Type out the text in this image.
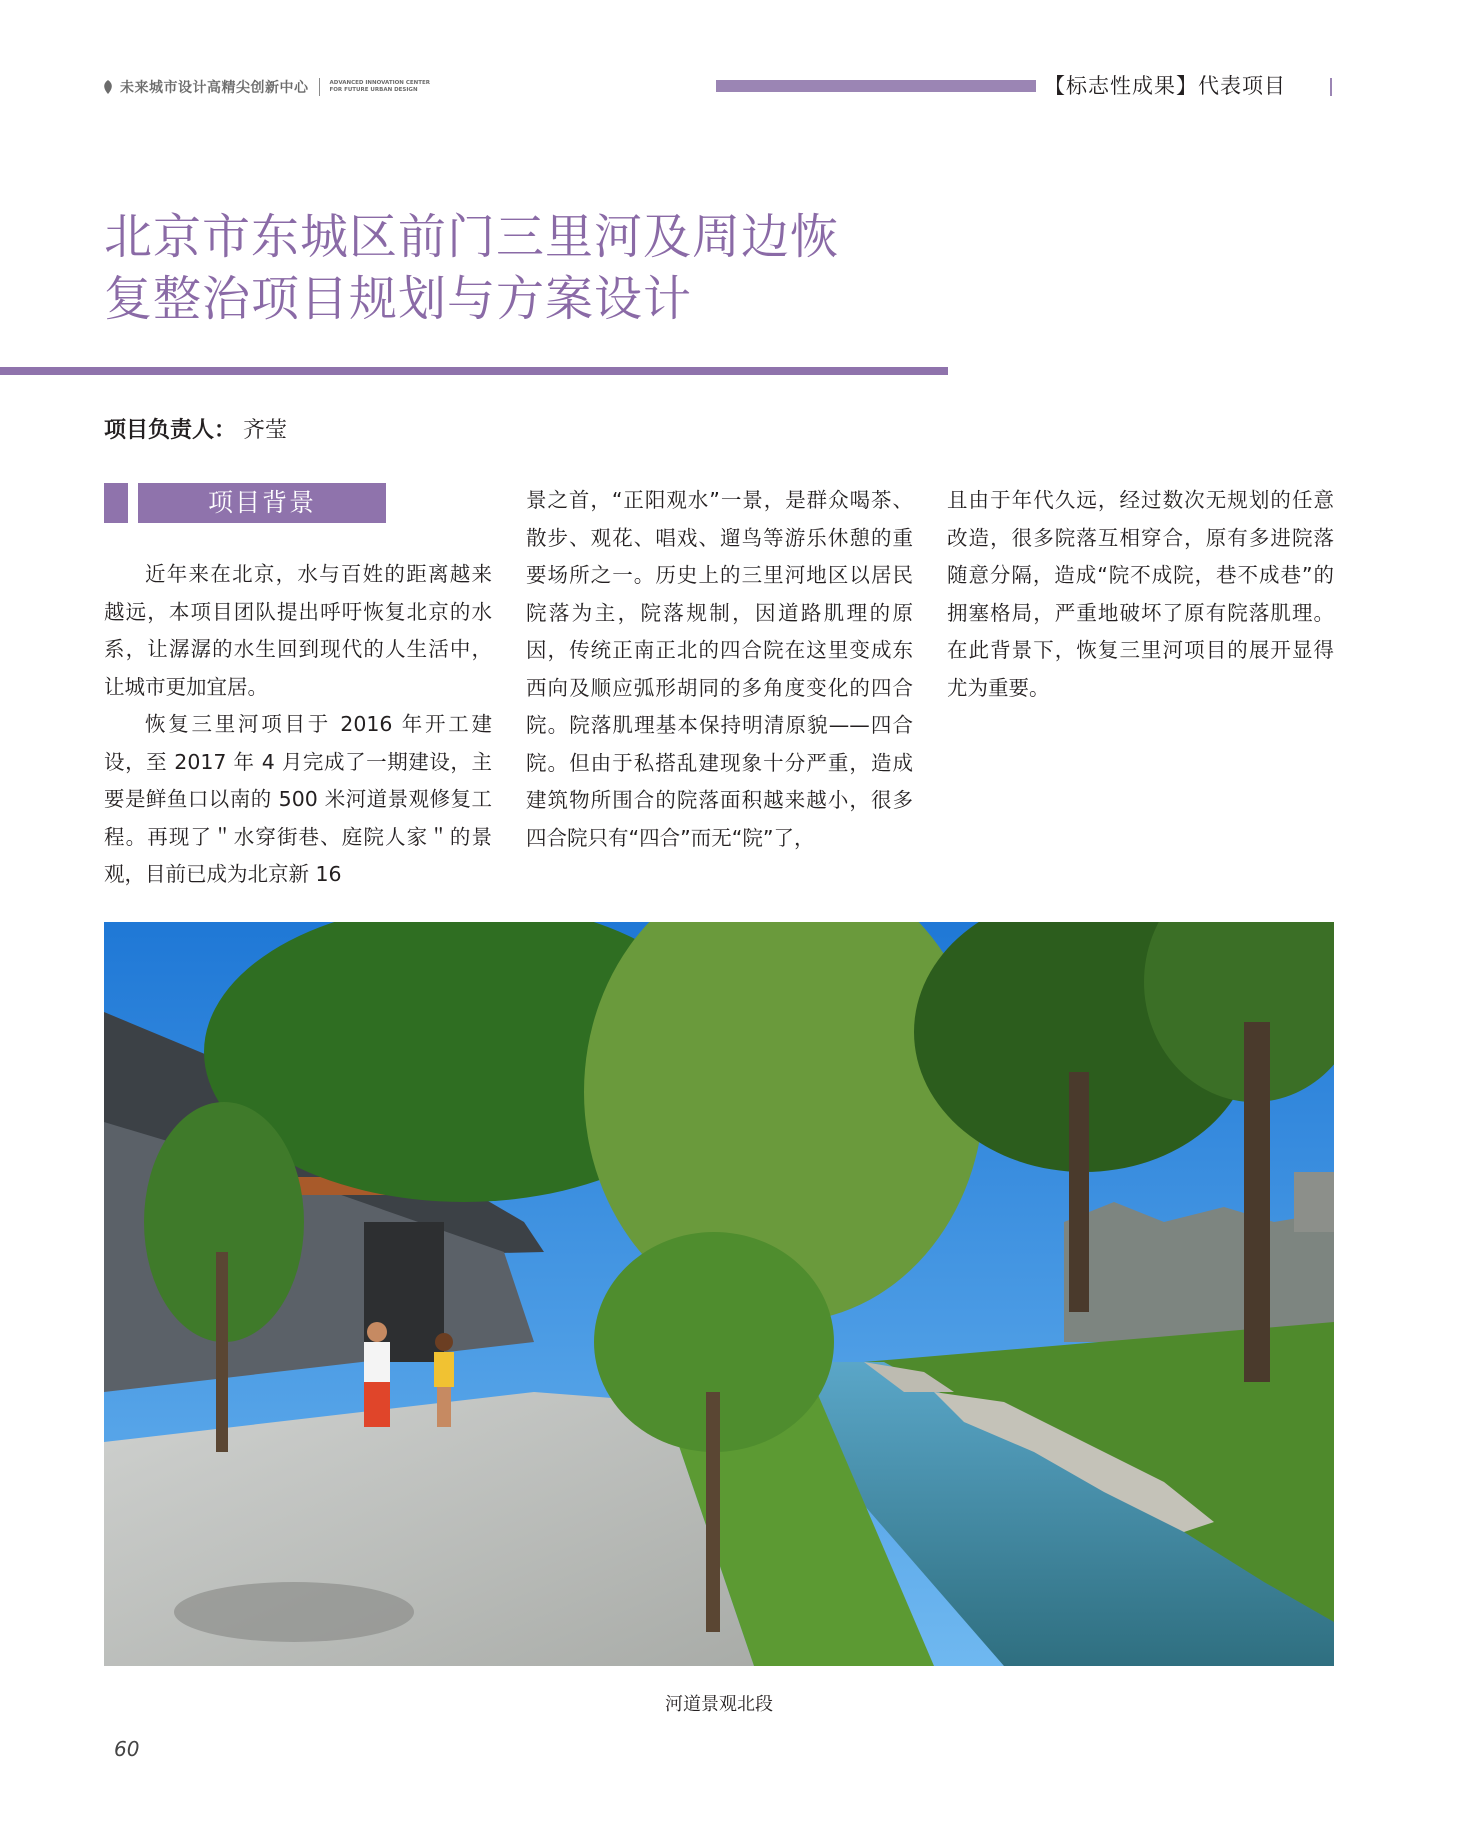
未来城市设计高精尖创新中心	ADVANCED INNOVATION CENTER
FOR FUTURE URBAN DESIGN	【标志性成果】代表项目
北京市东城区前门三里河及周边恢
复整治项目规划与方案设计
项目负责人： 齐莹
项目背景

近年来在北京，水与百姓的距离越来越远，本项目团队提出呼吁恢复北京的水系，让潺潺的水生回到现代的人生活中，让城市更加宜居。

恢复三里河项目于 2016 年开工建设，至 2017 年 4 月完成了一期建设，主要是鲜鱼口以南的 500 米河道景观修复工程。再现了＂水穿街巷、庭院人家＂的景观，目前已成为北京新 16

景之首，“正阳观水”一景，是群众喝茶、散步、观花、唱戏、遛鸟等游乐休憩的重要场所之一。历史上的三里河地区以居民院落为主，院落规制，因道路肌理的原因，传统正南正北的四合院在这里变成东西向及顺应弧形胡同的多角度变化的四合院。院落肌理基本保持明清原貌——四合院。但由于私搭乱建现象十分严重，造成建筑物所围合的院落面积越来越小，很多四合院只有“四合”而无“院”了，

且由于年代久远，经过数次无规划的任意改造，很多院落互相穿合，原有多进院落随意分隔，造成“院不成院，巷不成巷”的拥塞格局，严重地破坏了原有院落肌理。在此背景下，恢复三里河项目的展开显得尤为重要。

河道景观北段
60
